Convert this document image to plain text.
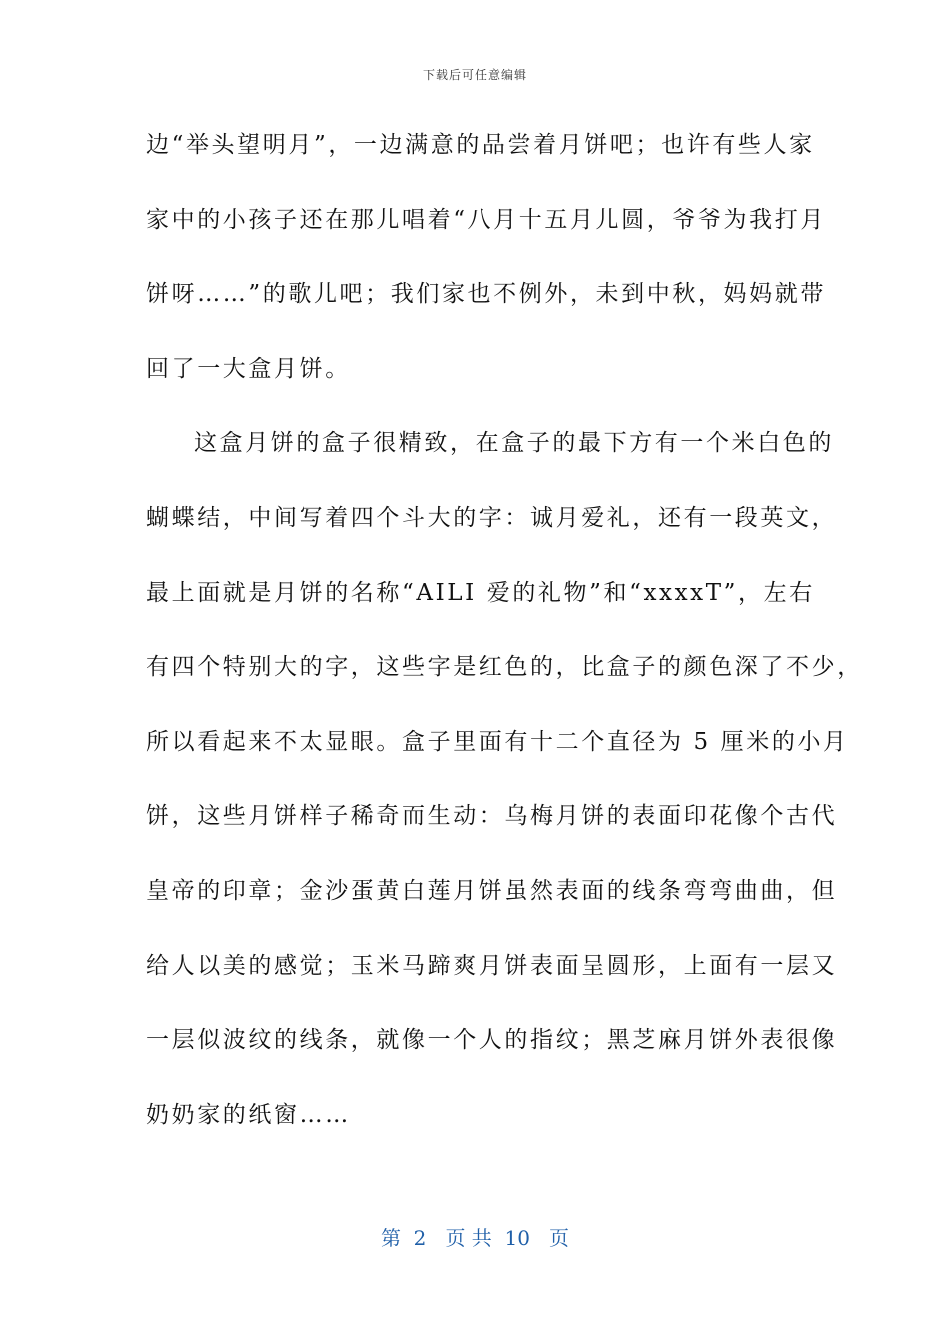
下载后可任意编辑
边“举头望明月”，一边满意的品尝着月饼吧；也许有些人家
家中的小孩子还在那儿唱着“八月十五月儿圆，爷爷为我打月
饼呀……”的歌儿吧；我们家也不例外，未到中秋，妈妈就带
回了一大盒月饼。
这盒月饼的盒子很精致，在盒子的最下方有一个米白色的
蝴蝶结，中间写着四个斗大的字：诚月爱礼，还有一段英文，
最上面就是月饼的名称“AILI 爱的礼物”和“xxxxT”，左右
有四个特别大的字，这些字是红色的，比盒子的颜色深了不少，
所以看起来不太显眼。盒子里面有十二个直径为 5 厘米的小月
饼，这些月饼样子稀奇而生动：乌梅月饼的表面印花像个古代
皇帝的印章；金沙蛋黄白莲月饼虽然表面的线条弯弯曲曲，但
给人以美的感觉；玉米马蹄爽月饼表面呈圆形，上面有一层又
一层似波纹的线条，就像一个人的指纹；黑芝麻月饼外表很像
奶奶家的纸窗……
第  2   页 共  10   页
